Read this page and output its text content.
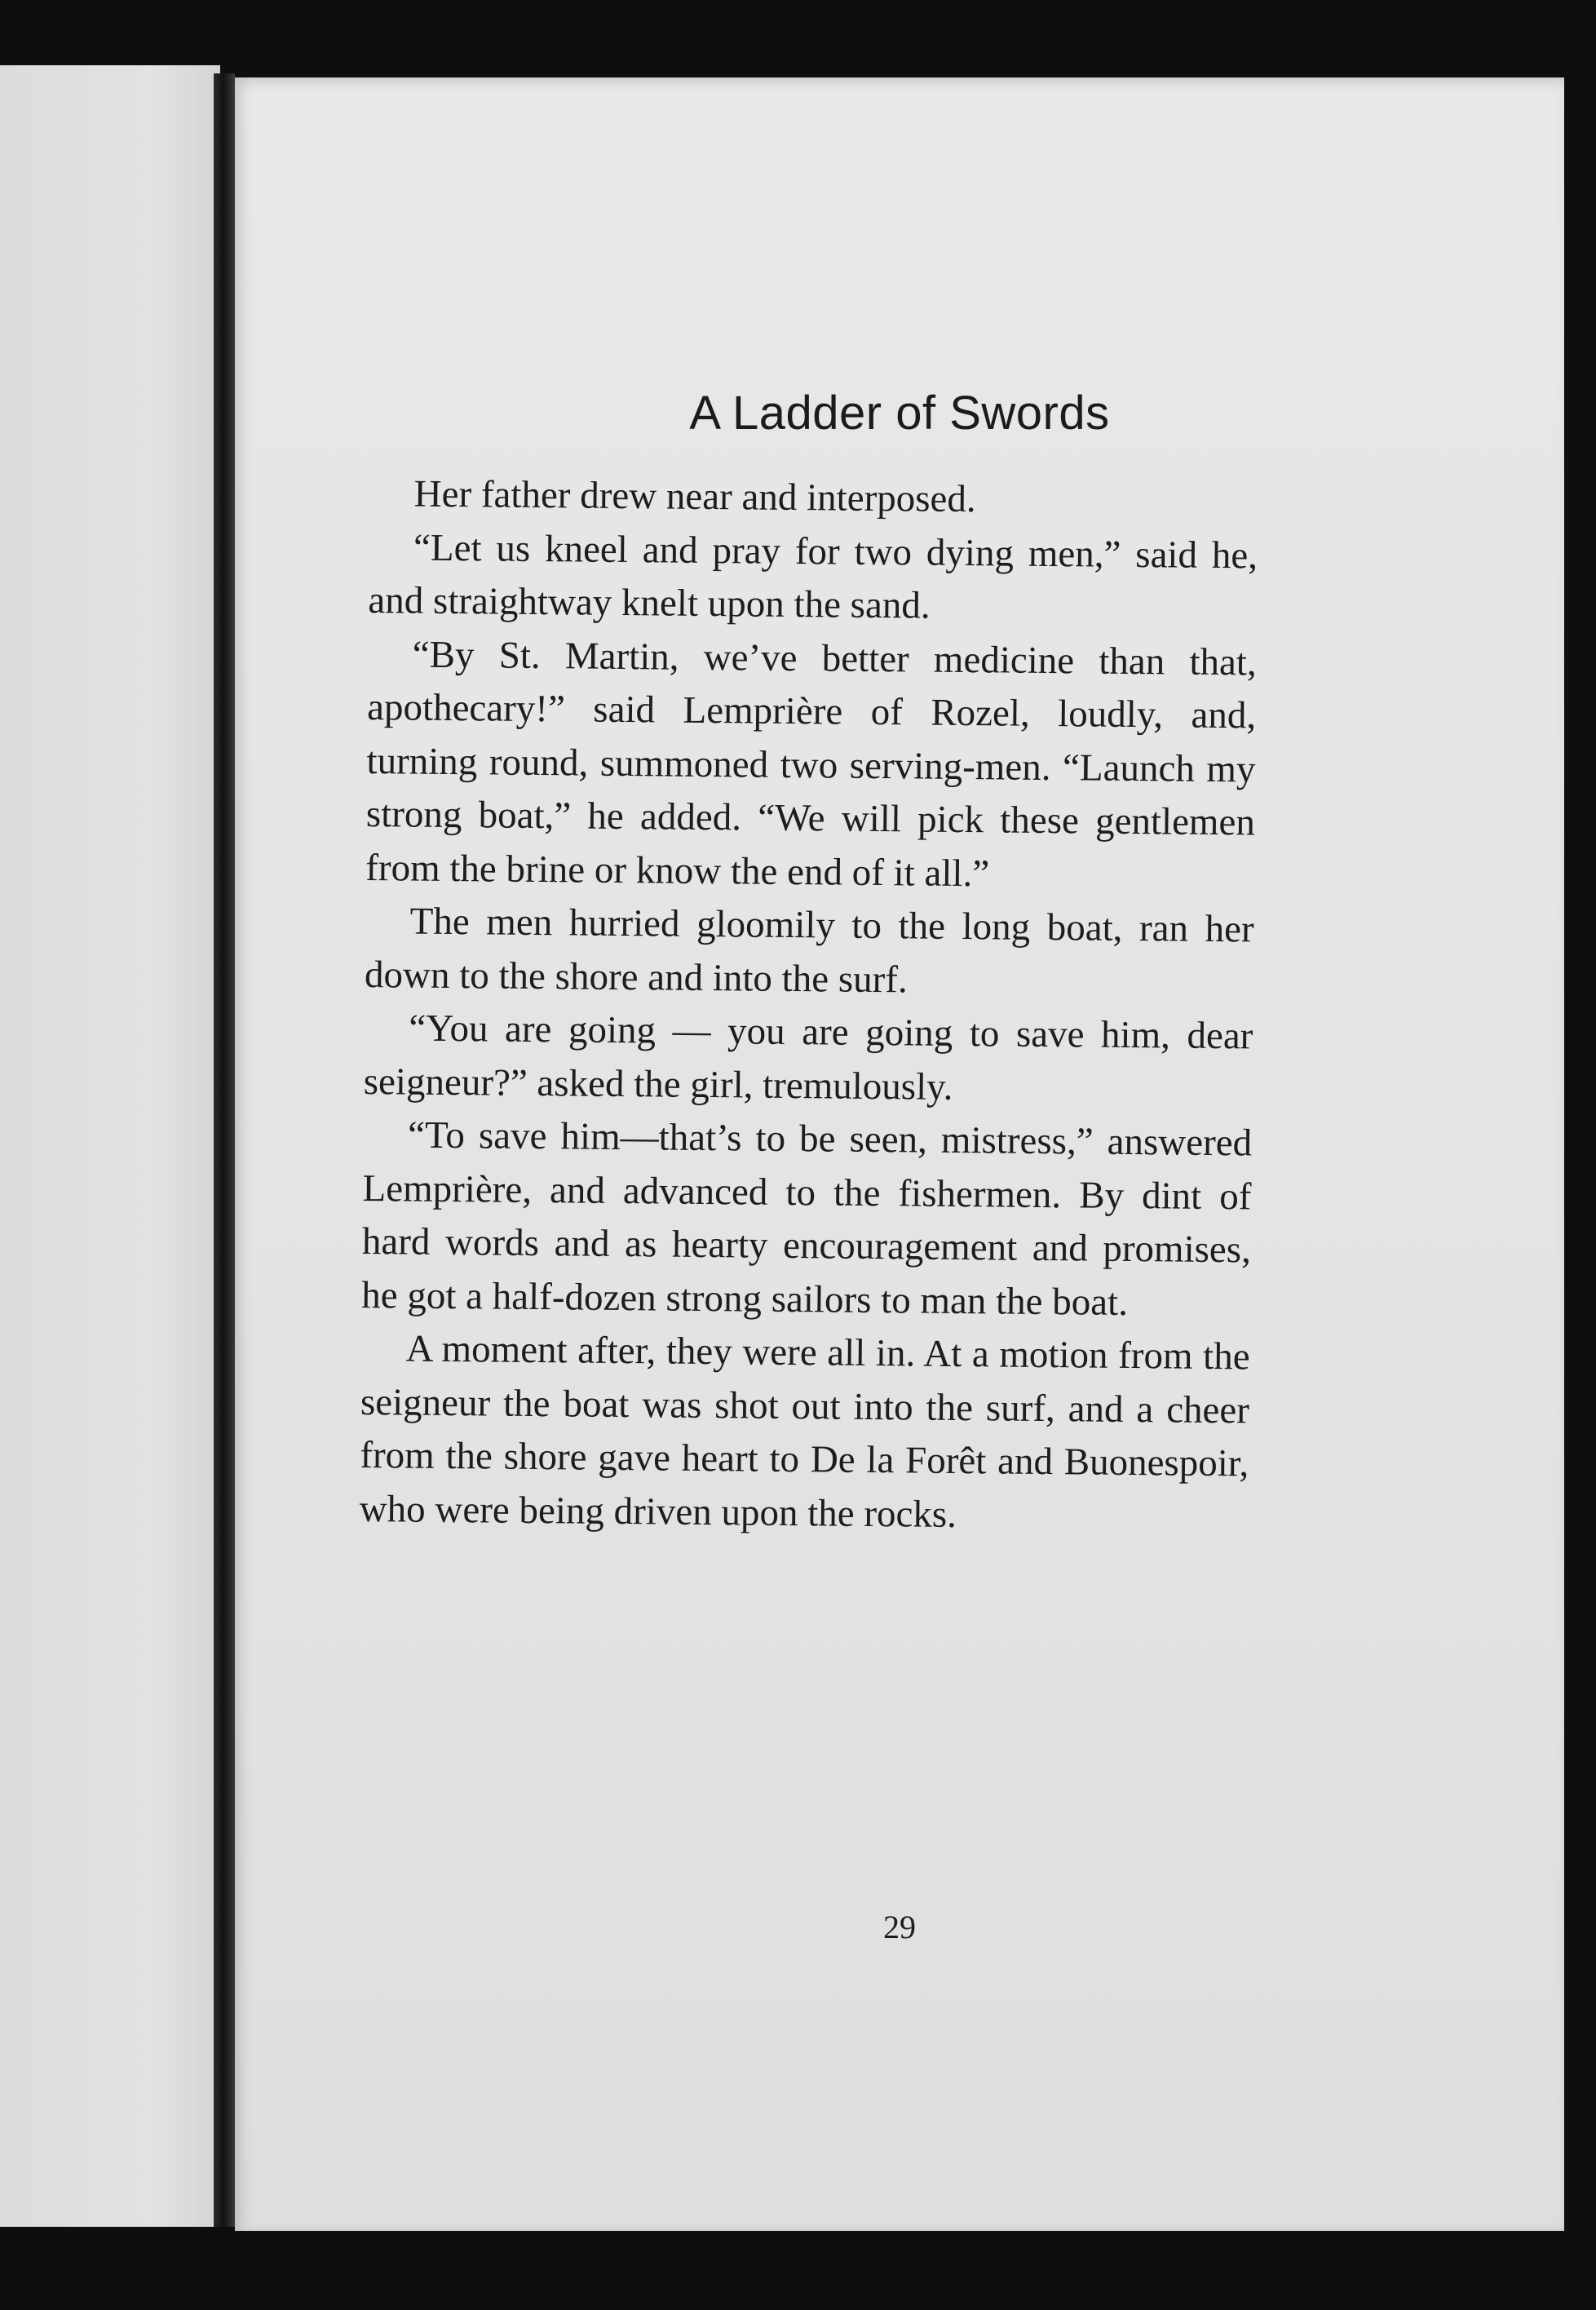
A Ladder of Swords

Her father drew near and interposed.

“Let us kneel and pray for two dying men,” said he, and straightway knelt upon the sand.

“By St. Martin, we’ve better medicine than that, apothecary!” said Lemprière of Rozel, loudly, and, turning round, summoned two serving-men. “Launch my strong boat,” he added. “We will pick these gentlemen from the brine or know the end of it all.”

The men hurried gloomily to the long boat, ran her down to the shore and into the surf.

“You are going — you are going to save him, dear seigneur?” asked the girl, tremulously.

“To save him—that’s to be seen, mistress,” answered Lemprière, and advanced to the fishermen. By dint of hard words and as hearty encouragement and promises, he got a half-dozen strong sailors to man the boat.

A moment after, they were all in. At a motion from the seigneur the boat was shot out into the surf, and a cheer from the shore gave heart to De la Forêt and Buonespoir, who were being driven upon the rocks.

29
